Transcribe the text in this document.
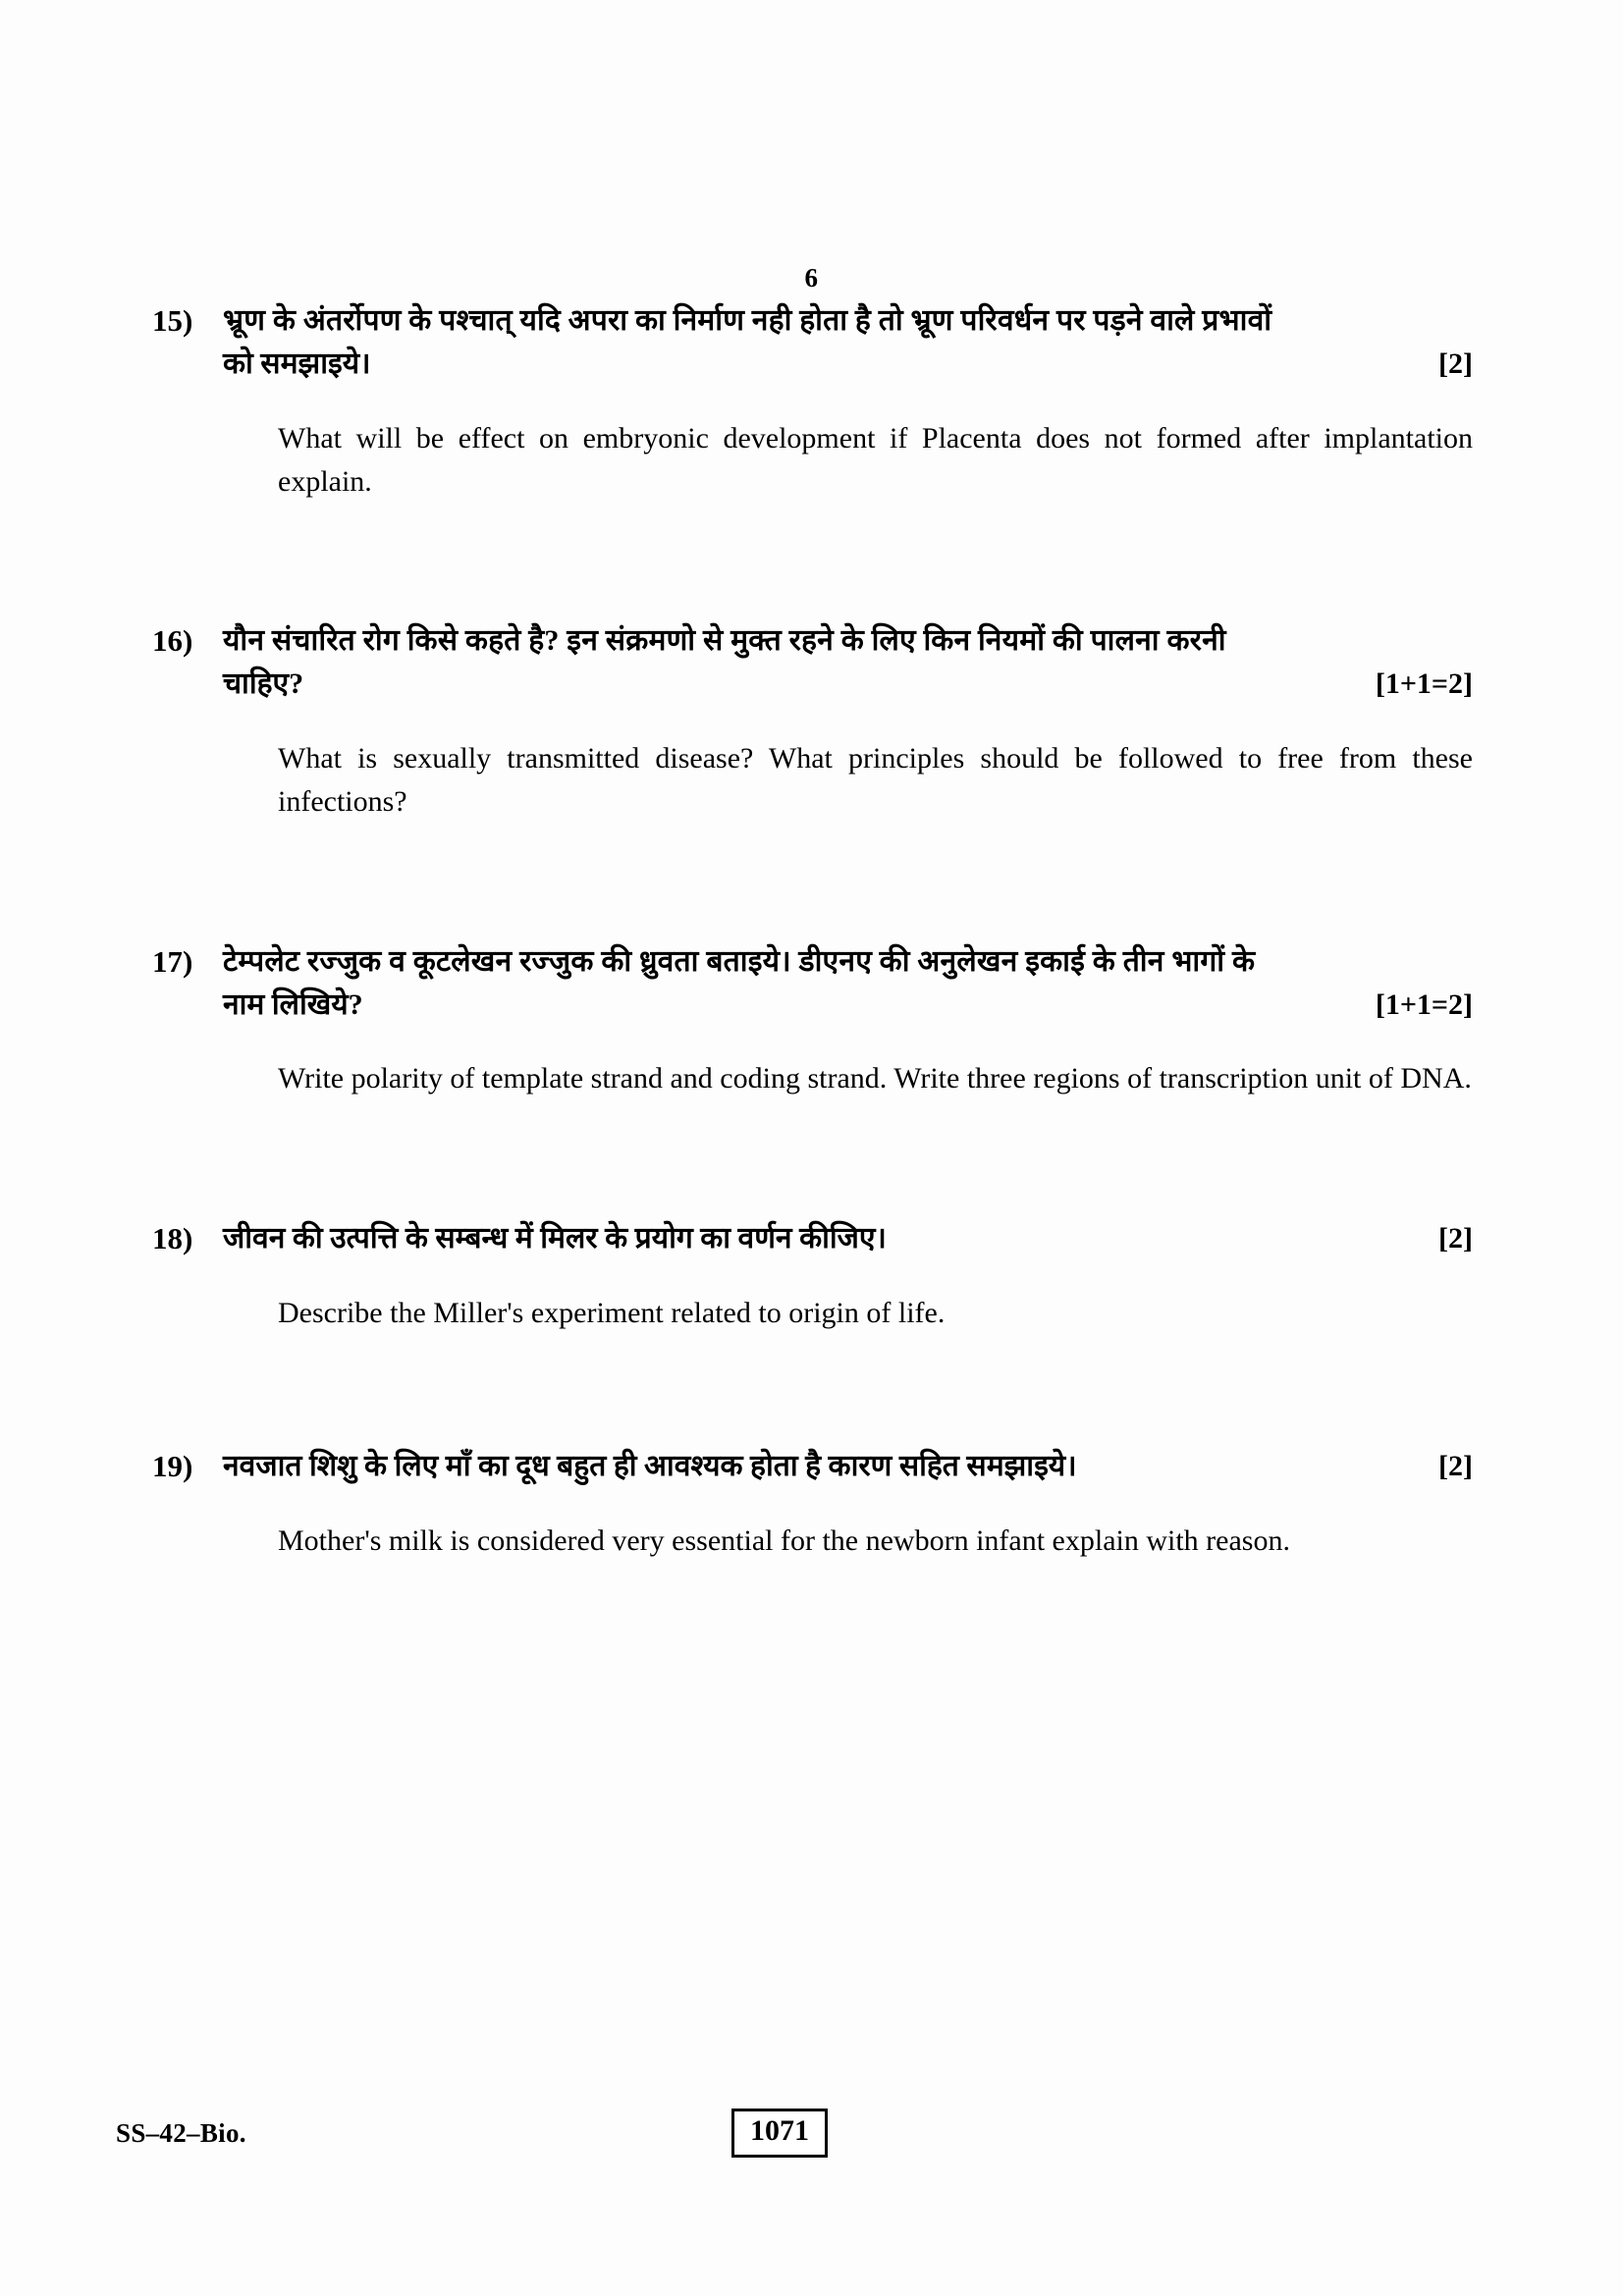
6
15)	भ्रूण के अंतर्रोपण के पश्चात् यदि अपरा का निर्माण नही होता है तो भ्रूण परिवर्धन पर पड़ने वाले प्रभावों

को समझाइये।	[2]

What will be effect on embryonic development if Placenta does not formed after implantation explain.

16)	यौन संचारित रोग किसे कहते है? इन संक्रमणो से मुक्त रहने के लिए किन नियमों की पालना करनी

चाहिए?	[1+1=2]

What is sexually transmitted disease? What principles should be followed to free from these infections?

17)	टेम्पलेट रज्जुक व कूटलेखन रज्जुक की ध्रुवता बताइये। डीएनए की अनुलेखन इकाई के तीन भागों के

नाम लिखिये?	[1+1=2]

Write polarity of template strand and coding strand. Write three regions of transcription unit of DNA.

18)	जीवन की उत्पत्ति के सम्बन्ध में मिलर के प्रयोग का वर्णन कीजिए।	[2]

Describe the Miller's experiment related to origin of life.

19)	नवजात शिशु के लिए माँ का दूध बहुत ही आवश्यक होता है कारण सहित समझाइये।	[2]

Mother's milk is considered very essential for the newborn infant explain with reason.

SS–42–Bio.	1071
